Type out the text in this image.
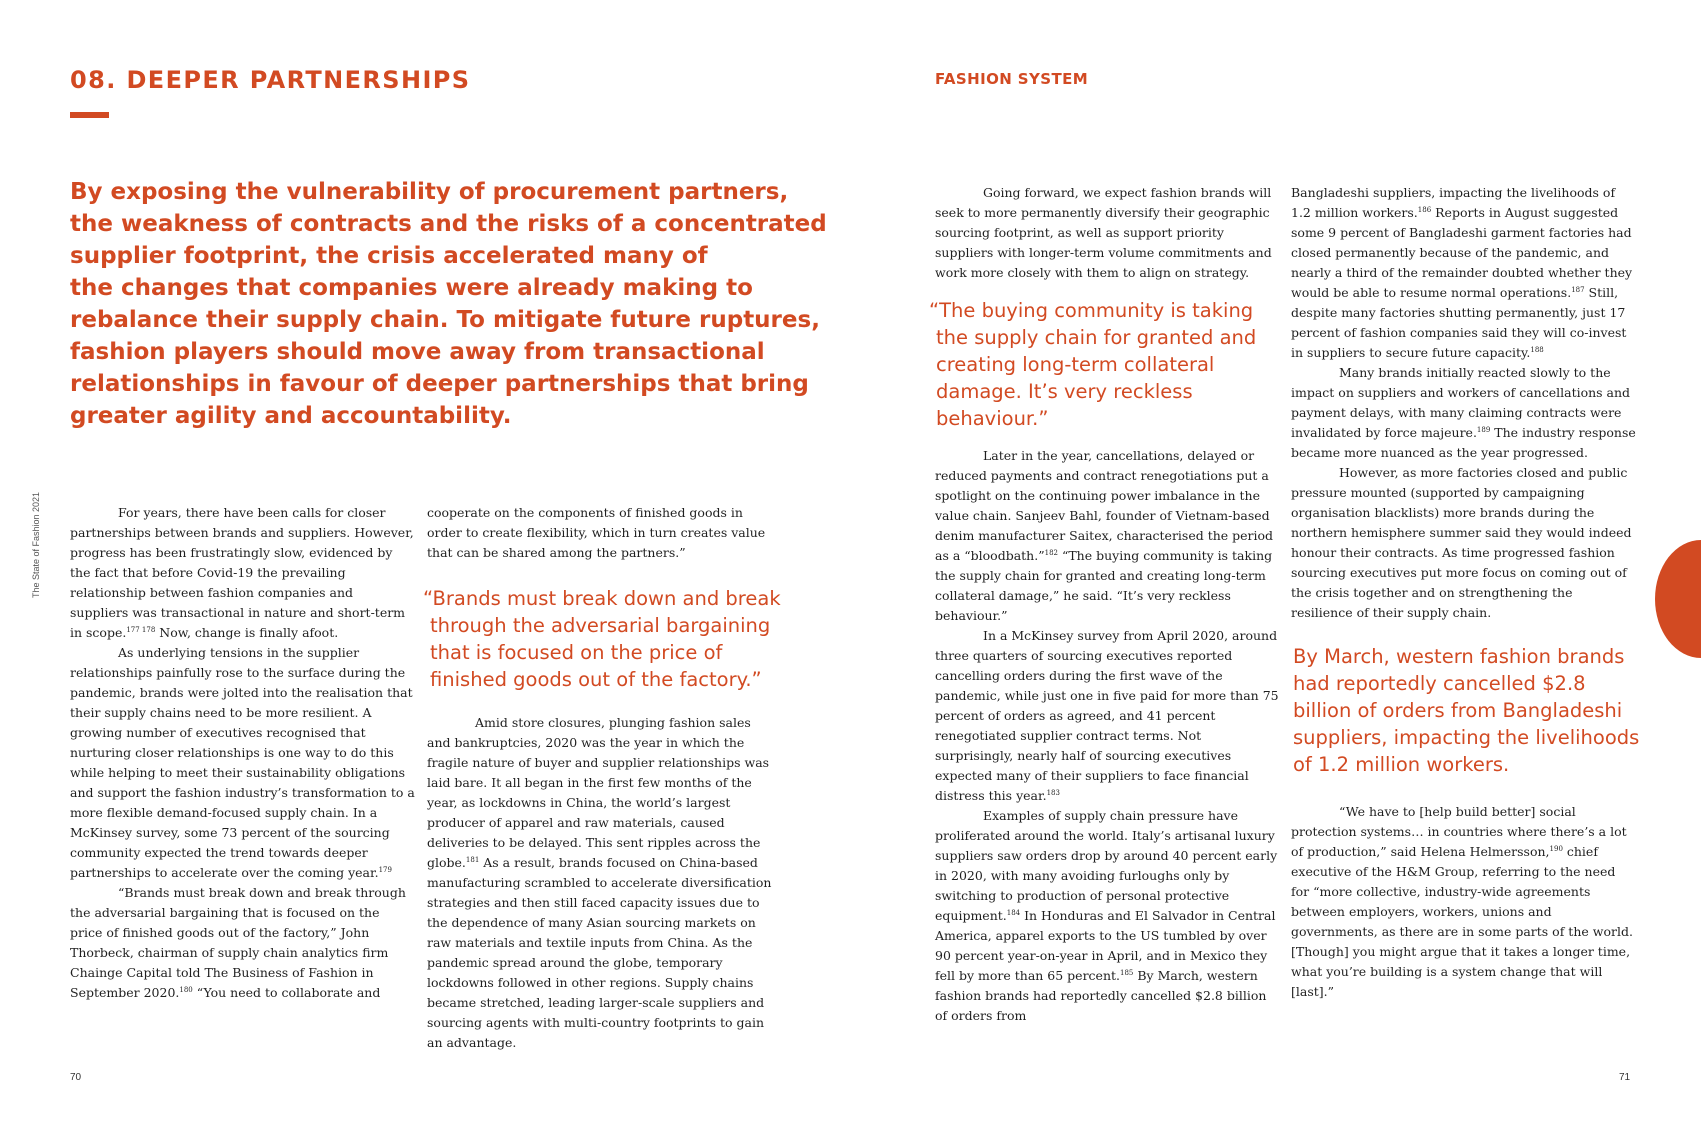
08. DEEPER PARTNERSHIPS
By exposing the vulnerability of procurement partners,
the weakness of contracts and the risks of a concentrated
supplier footprint, the crisis accelerated many of
the changes that companies were already making to
rebalance their supply chain. To mitigate future ruptures,
fashion players should move away from transactional
relationships in favour of deeper partnerships that bring
greater agility and accountability.
The State of Fashion 2021	For years, there have been calls for closer partnerships between brands and suppliers. However, progress has been frustratingly slow, evidenced by the fact that before Covid-19 the prevailing relationship between fashion companies and suppliers was transactional in nature and short-term in scope.$^{177 178}$ Now, change is finally afoot.

As underlying tensions in the supplier relationships painfully rose to the surface during the pandemic, brands were jolted into the realisation that their supply chains need to be more resilient. A growing number of executives recognised that nurturing closer relationships is one way to do this while helping to meet their sustainability obligations and support the fashion industry’s transformation to a more flexible demand-focused supply chain. In a McKinsey survey, some 73 percent of the sourcing community expected the trend towards deeper partnerships to accelerate over the coming year.$^{179}$

“Brands must break down and break through the adversarial bargaining that is focused on the price of finished goods out of the factory,” John Thorbeck, chairman of supply chain analytics firm Chainge Capital told The Business of Fashion in September 2020.$^{180}$ “You need to collaborate and

cooperate on the components of finished goods in order to create flexibility, which in turn creates value that can be shared among the partners.”

“Brands must break down and break
through the adversarial bargaining
that is focused on the price of
finished goods out of the factory.”

Amid store closures, plunging fashion sales and bankruptcies, 2020 was the year in which the fragile nature of buyer and supplier relationships was laid bare. It all began in the first few months of the year, as lockdowns in China, the world’s largest producer of apparel and raw materials, caused deliveries to be delayed. This sent ripples across the globe.$^{181}$ As a result, brands focused on China-based manufacturing scrambled to accelerate diversification strategies and then still faced capacity issues due to the dependence of many Asian sourcing markets on raw materials and textile inputs from China. As the pandemic spread around the globe, temporary lockdowns followed in other regions. Supply chains became stretched, leading larger-scale suppliers and sourcing agents with multi-country footprints to gain an advantage.

70
FASHION SYSTEM

Going forward, we expect fashion brands will seek to more permanently diversify their geographic sourcing footprint, as well as support priority suppliers with longer-term volume commitments and work more closely with them to align on strategy.

“The buying community is taking
the supply chain for granted and
creating long-term collateral
damage. It’s very reckless
behaviour.”

Later in the year, cancellations, delayed or reduced payments and contract renegotiations put a spotlight on the continuing power imbalance in the value chain. Sanjeev Bahl, founder of Vietnam-based denim manufacturer Saitex, characterised the period as a “bloodbath.”$^{182}$ “The buying community is taking the supply chain for granted and creating long-term collateral damage,” he said. “It’s very reckless behaviour.”

In a McKinsey survey from April 2020, around three quarters of sourcing executives reported cancelling orders during the first wave of the pandemic, while just one in five paid for more than 75 percent of orders as agreed, and 41 percent renegotiated supplier contract terms. Not surprisingly, nearly half of sourcing executives expected many of their suppliers to face financial distress this year.$^{183}$

Examples of supply chain pressure have proliferated around the world. Italy’s artisanal luxury suppliers saw orders drop by around 40 percent early in 2020, with many avoiding furloughs only by switching to production of personal protective equipment.$^{184}$ In Honduras and El Salvador in Central America, apparel exports to the US tumbled by over 90 percent year-on-year in April, and in Mexico they fell by more than 65 percent.$^{185}$ By March, western fashion brands had reportedly cancelled $2.8 billion of orders from

Bangladeshi suppliers, impacting the livelihoods of 1.2 million workers.$^{186}$ Reports in August suggested some 9 percent of Bangladeshi garment factories had closed permanently because of the pandemic, and nearly a third of the remainder doubted whether they would be able to resume normal operations.$^{187}$ Still, despite many factories shutting permanently, just 17 percent of fashion companies said they will co-invest in suppliers to secure future capacity.$^{188}$

Many brands initially reacted slowly to the impact on suppliers and workers of cancellations and payment delays, with many claiming contracts were invalidated by force majeure.$^{189}$ The industry response became more nuanced as the year progressed.

However, as more factories closed and public pressure mounted (supported by campaigning organisation blacklists) more brands during the northern hemisphere summer said they would indeed honour their contracts. As time progressed fashion sourcing executives put more focus on coming out of the crisis together and on strengthening the resilience of their supply chain.

By March, western fashion brands
had reportedly cancelled $2.8
billion of orders from Bangladeshi
suppliers, impacting the livelihoods
of 1.2 million workers.

“We have to [help build better] social protection systems… in countries where there’s a lot of production,” said Helena Helmersson,$^{190}$ chief executive of the H&M Group, referring to the need for “more collective, industry-wide agreements between employers, workers, unions and governments, as there are in some parts of the world. [Though] you might argue that it takes a longer time, what you’re building is a system change that will [last].”

71
